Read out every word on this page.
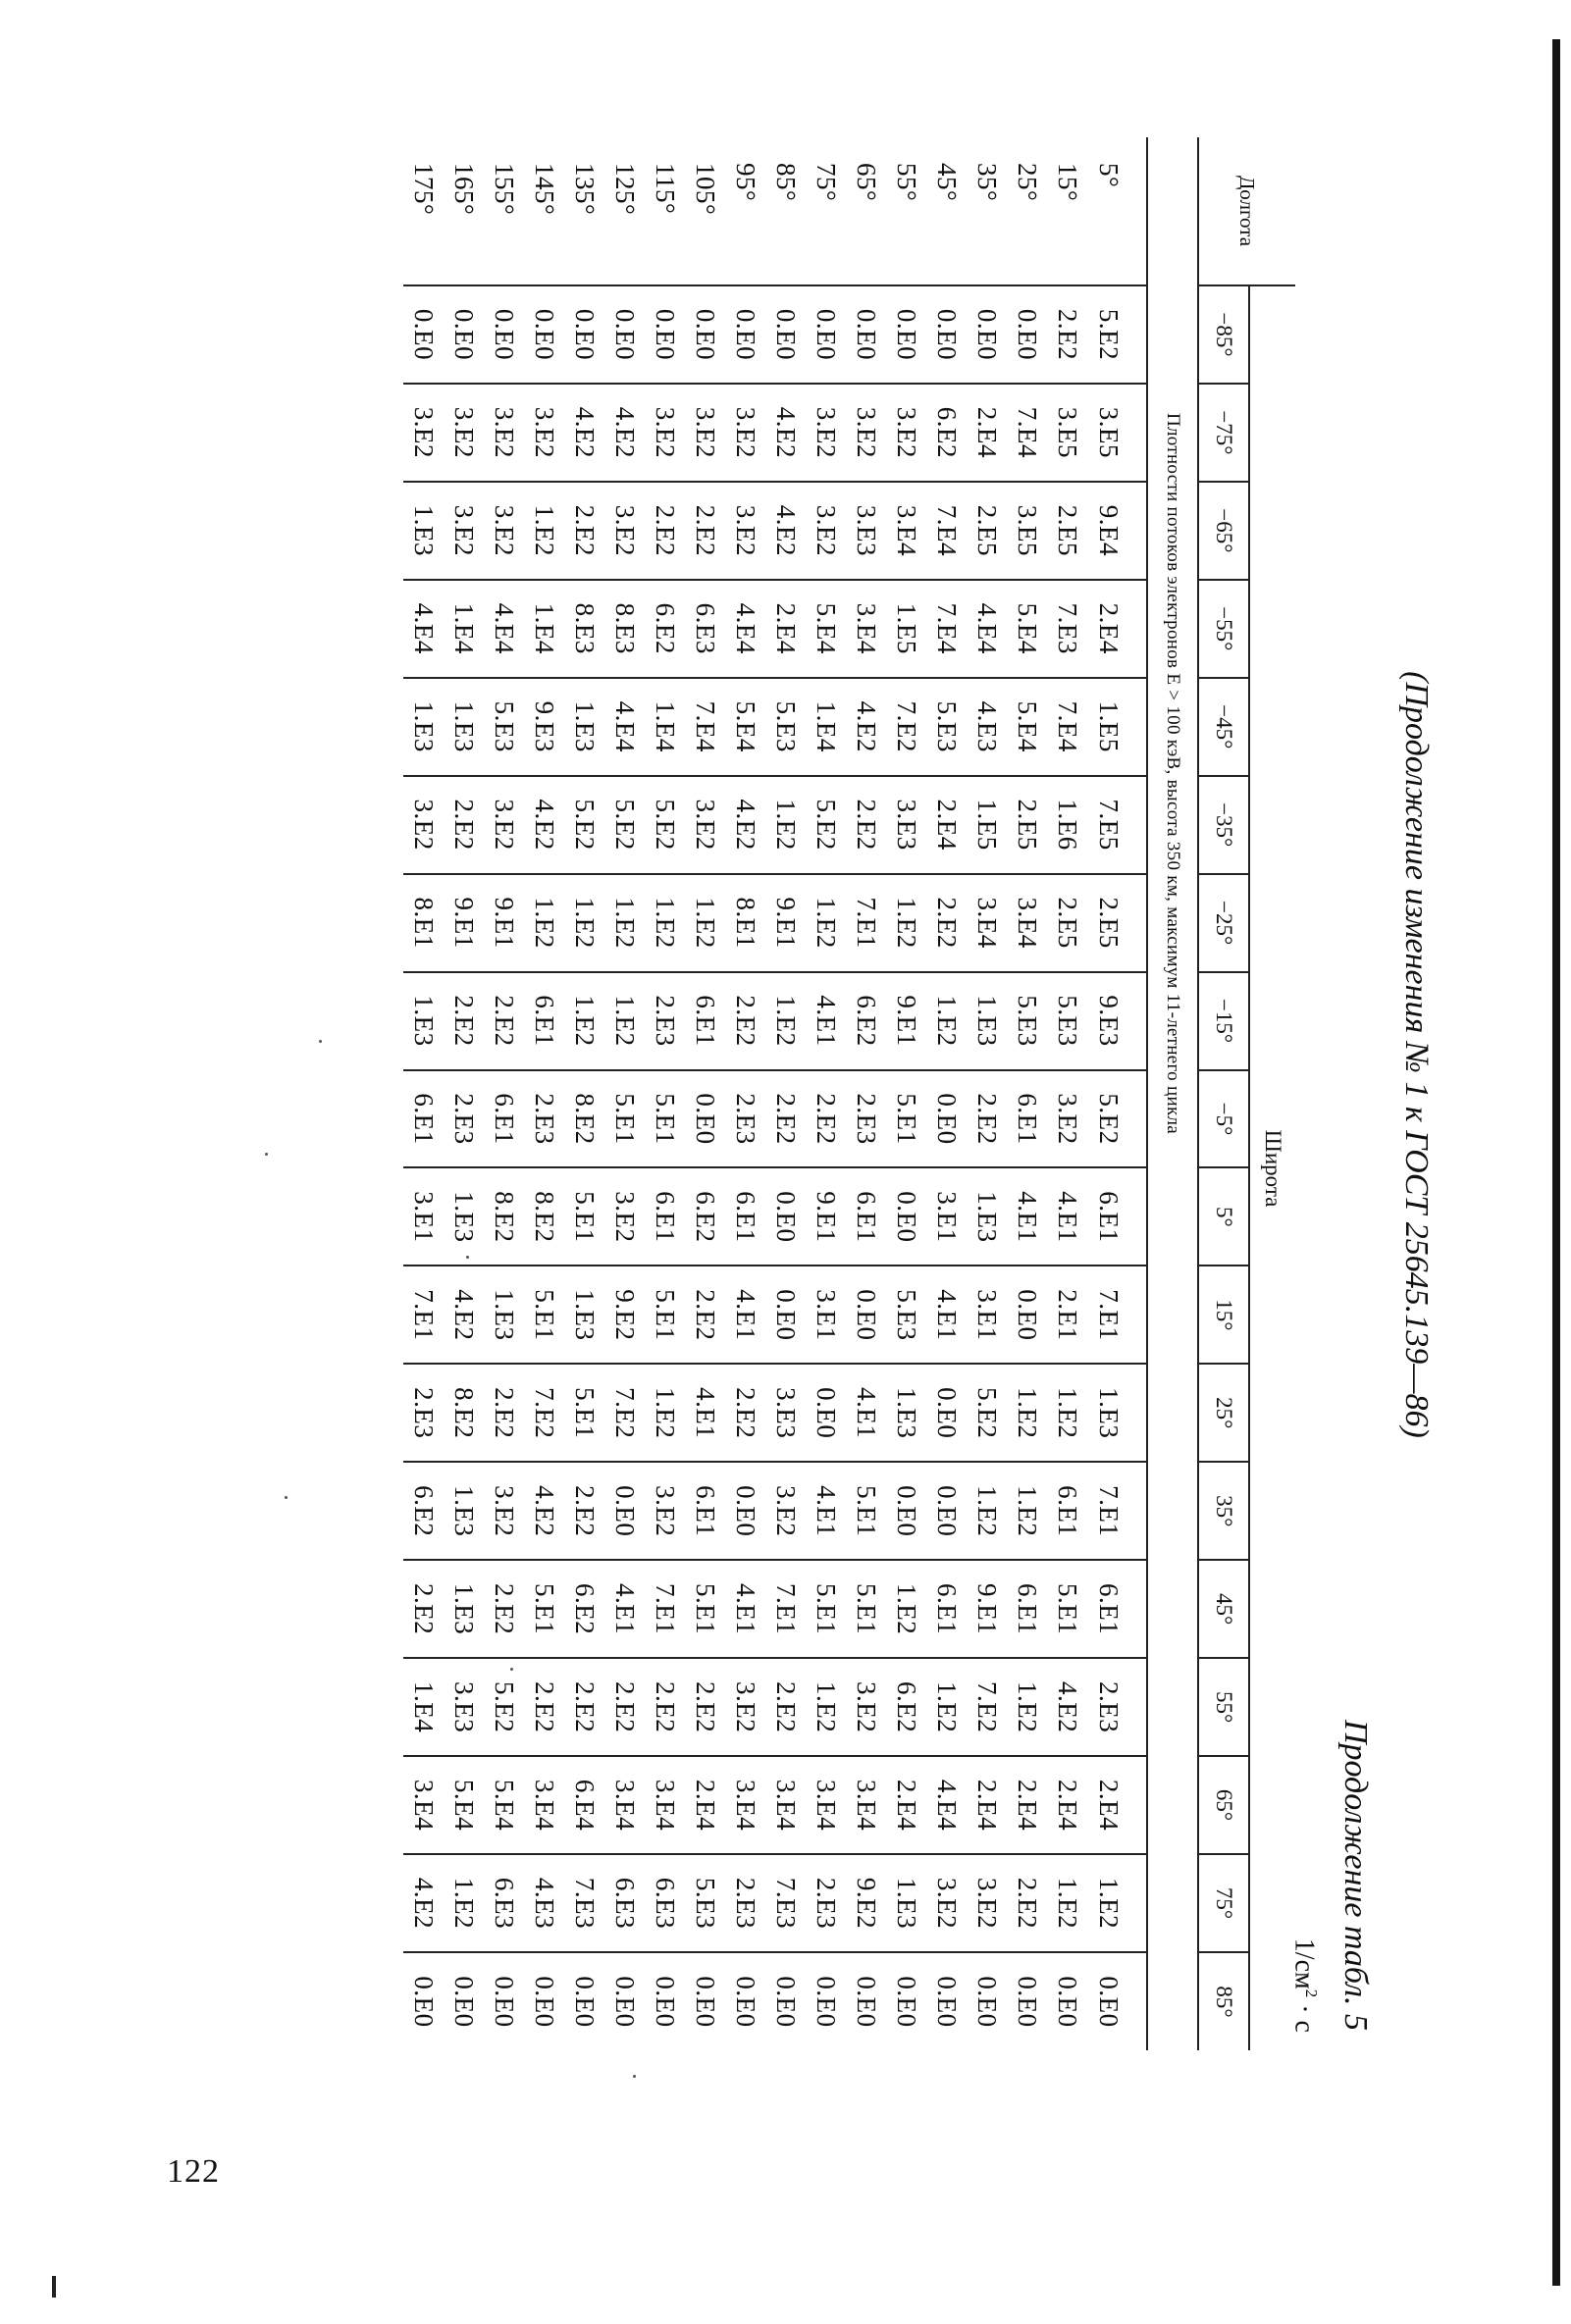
122
(Продолжение изменения № 1 к ГОСТ 25645.139—86)
Продолжение табл. 5
$1/см^2 \cdot с$
Долгота	Широта																	
	−85°	−75°	−65°	−55°	−45°	−35°	−25°	−15°	−5°	5°	15°	25°	35°	45°	55°	65°	75°	85°
	Плотности потоков электронов E > 100 кэВ, высота 350 км, максимум 11-летнего цикла																	
5°	5.E2	3.E5	9.E4	2.E4	1.E5	7.E5	2.E5	9.E3	5.E2	6.E1	7.E1	1.E3	7.E1	6.E1	2.E3	2.E4	1.E2	0.E0
15°	2.E2	3.E5	2.E5	7.E3	7.E4	1.E6	2.E5	5.E3	3.E2	4.E1	2.E1	1.E2	6.E1	5.E1	4.E2	2.E4	1.E2	0.E0
25°	0.E0	7.E4	3.E5	5.E4	5.E4	2.E5	3.E4	5.E3	6.E1	4.E1	0.E0	1.E2	1.E2	6.E1	1.E2	2.E4	2.E2	0.E0
35°	0.E0	2.E4	2.E5	4.E4	4.E3	1.E5	3.E4	1.E3	2.E2	1.E3	3.E1	5.E2	1.E2	9.E1	7.E2	2.E4	3.E2	0.E0
45°	0.E0	6.E2	7.E4	7.E4	5.E3	2.E4	2.E2	1.E2	0.E0	3.E1	4.E1	0.E0	0.E0	6.E1	1.E2	4.E4	3.E2	0.E0
55°	0.E0	3.E2	3.E4	1.E5	7.E2	3.E3	1.E2	9.E1	5.E1	0.E0	5.E3	1.E3	0.E0	1.E2	6.E2	2.E4	1.E3	0.E0
65°	0.E0	3.E2	3.E3	3.E4	4.E2	2.E2	7.E1	6.E2	2.E3	6.E1	0.E0	4.E1	5.E1	5.E1	3.E2	3.E4	9.E2	0.E0
75°	0.E0	3.E2	3.E2	5.E4	1.E4	5.E2	1.E2	4.E1	2.E2	9.E1	3.E1	0.E0	4.E1	5.E1	1.E2	3.E4	2.E3	0.E0
85°	0.E0	4.E2	4.E2	2.E4	5.E3	1.E2	9.E1	1.E2	2.E2	0.E0	0.E0	3.E3	3.E2	7.E1	2.E2	3.E4	7.E3	0.E0
95°	0.E0	3.E2	3.E2	4.E4	5.E4	4.E2	8.E1	2.E2	2.E3	6.E1	4.E1	2.E2	0.E0	4.E1	3.E2	3.E4	2.E3	0.E0
105°	0.E0	3.E2	2.E2	6.E3	7.E4	3.E2	1.E2	6.E1	0.E0	6.E2	2.E2	4.E1	6.E1	5.E1	2.E2	2.E4	5.E3	0.E0
115°	0.E0	3.E2	2.E2	6.E2	1.E4	5.E2	1.E2	2.E3	5.E1	6.E1	5.E1	1.E2	3.E2	7.E1	2.E2	3.E4	6.E3	0.E0
125°	0.E0	4.E2	3.E2	8.E3	4.E4	5.E2	1.E2	1.E2	5.E1	3.E2	9.E2	7.E2	0.E0	4.E1	2.E2	3.E4	6.E3	0.E0
135°	0.E0	4.E2	2.E2	8.E3	1.E3	5.E2	1.E2	1.E2	8.E2	5.E1	1.E3	5.E1	2.E2	6.E2	2.E2	6.E4	7.E3	0.E0
145°	0.E0	3.E2	1.E2	1.E4	9.E3	4.E2	1.E2	6.E1	2.E3	8.E2	5.E1	7.E2	4.E2	5.E1	2.E2	3.E4	4.E3	0.E0
155°	0.E0	3.E2	3.E2	4.E4	5.E3	3.E2	9.E1	2.E2	6.E1	8.E2	1.E3	2.E2	3.E2	2.E2	5.E2	5.E4	6.E3	0.E0
165°	0.E0	3.E2	3.E2	1.E4	1.E3	2.E2	9.E1	2.E2	2.E3	1.E3	4.E2	8.E2	1.E3	1.E3	3.E3	5.E4	1.E2	0.E0
175°	0.E0	3.E2	1.E3	4.E4	1.E3	3.E2	8.E1	1.E3	6.E1	3.E1	7.E1	2.E3	6.E2	2.E2	1.E4	3.E4	4.E2	0.E0
